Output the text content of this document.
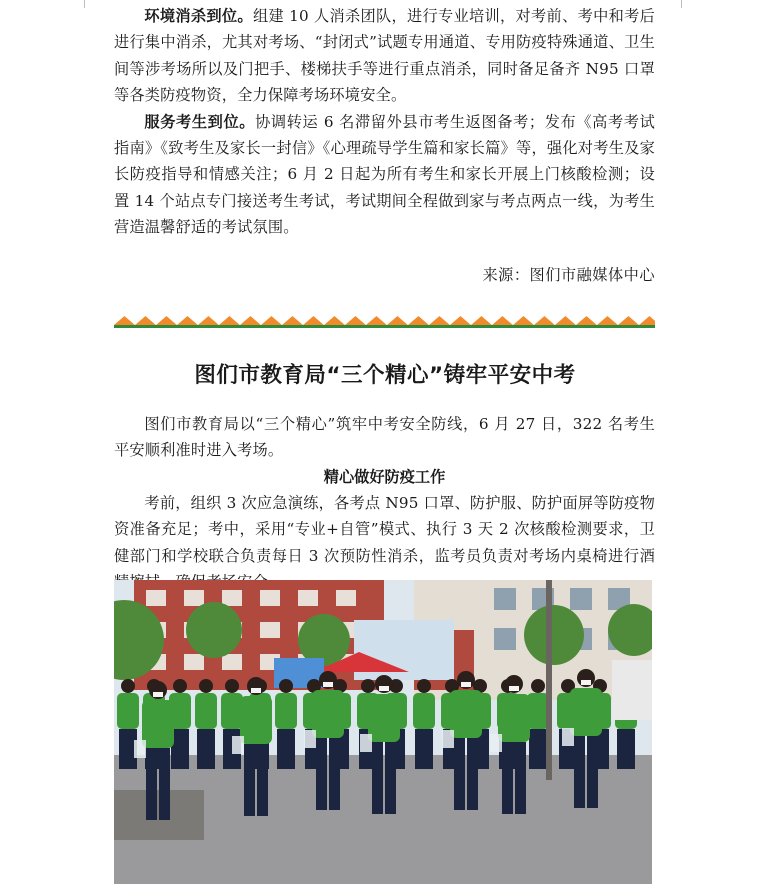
环境消杀到位。组建 10 人消杀团队，进行专业培训，对考前、考中和考后进行集中消杀，尤其对考场、“封闭式”试题专用通道、专用防疫特殊通道、卫生间等涉考场所以及门把手、楼梯扶手等进行重点消杀，同时备足备齐 N95 口罩等各类防疫物资，全力保障考场环境安全。

服务考生到位。协调转运 6 名滞留外县市考生返图备考；发布《高考考试指南》《致考生及家长一封信》《心理疏导学生篇和家长篇》等，强化对考生及家长防疫指导和情感关注；6 月 2 日起为所有考生和家长开展上门核酸检测；设置 14 个站点专门接送考生考试，考试期间全程做到家与考点两点一线，为考生营造温馨舒适的考试氛围。

来源：图们市融媒体中心
图们市教育局“三个精心”铸牢平安中考

图们市教育局以“三个精心”筑牢中考安全防线，6 月 27 日，322 名考生平安顺利准时进入考场。

精心做好防疫工作

考前，组织 3 次应急演练，各考点 N95 口罩、防护服、防护面屏等防疫物资准备充足；考中，采用“专业+自管”模式、执行 3 天 2 次核酸检测要求，卫健部门和学校联合负责每日 3 次预防性消杀，监考员负责对考场内桌椅进行酒
